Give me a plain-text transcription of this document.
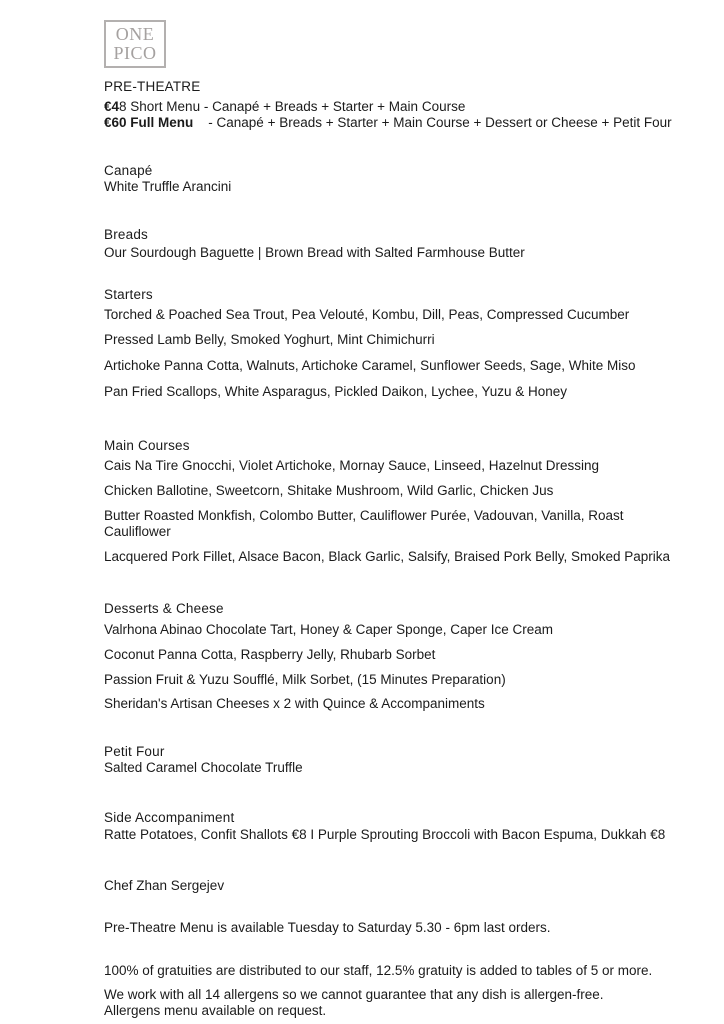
ONE
PICO
PRE-THEATRE
€48 Short Menu - Canapé + Breads + Starter + Main Course
€60 Full Menu    - Canapé + Breads + Starter + Main Course + Dessert or Cheese + Petit Four
Canapé
White Truffle Arancini
Breads
Our Sourdough Baguette | Brown Bread with Salted Farmhouse Butter
Starters
Torched & Poached Sea Trout, Pea Velouté, Kombu, Dill, Peas, Compressed Cucumber
Pressed Lamb Belly, Smoked Yoghurt, Mint Chimichurri
Artichoke Panna Cotta, Walnuts, Artichoke Caramel, Sunflower Seeds, Sage, White Miso
Pan Fried Scallops, White Asparagus, Pickled Daikon, Lychee, Yuzu & Honey
Main Courses
Cais Na Tire Gnocchi, Violet Artichoke, Mornay Sauce, Linseed, Hazelnut Dressing
Chicken Ballotine, Sweetcorn, Shitake Mushroom, Wild Garlic, Chicken Jus
Butter Roasted Monkfish, Colombo Butter, Cauliflower Purée, Vadouvan, Vanilla, Roast Cauliflower
Lacquered Pork Fillet, Alsace Bacon, Black Garlic, Salsify, Braised Pork Belly, Smoked Paprika
Desserts & Cheese
Valrhona Abinao Chocolate Tart, Honey & Caper Sponge, Caper Ice Cream
Coconut Panna Cotta, Raspberry Jelly, Rhubarb Sorbet
Passion Fruit & Yuzu Soufflé, Milk Sorbet, (15 Minutes Preparation)
Sheridan's Artisan Cheeses x 2 with Quince & Accompaniments
Petit Four
Salted Caramel Chocolate Truffle
Side Accompaniment
Ratte Potatoes, Confit Shallots €8 I Purple Sprouting Broccoli with Bacon Espuma, Dukkah €8
Chef Zhan Sergejev
Pre-Theatre Menu is available Tuesday to Saturday 5.30 - 6pm last orders.
100% of gratuities are distributed to our staff, 12.5% gratuity is added to tables of 5 or more.
We work with all 14 allergens so we cannot guarantee that any dish is allergen-free.
Allergens menu available on request.
